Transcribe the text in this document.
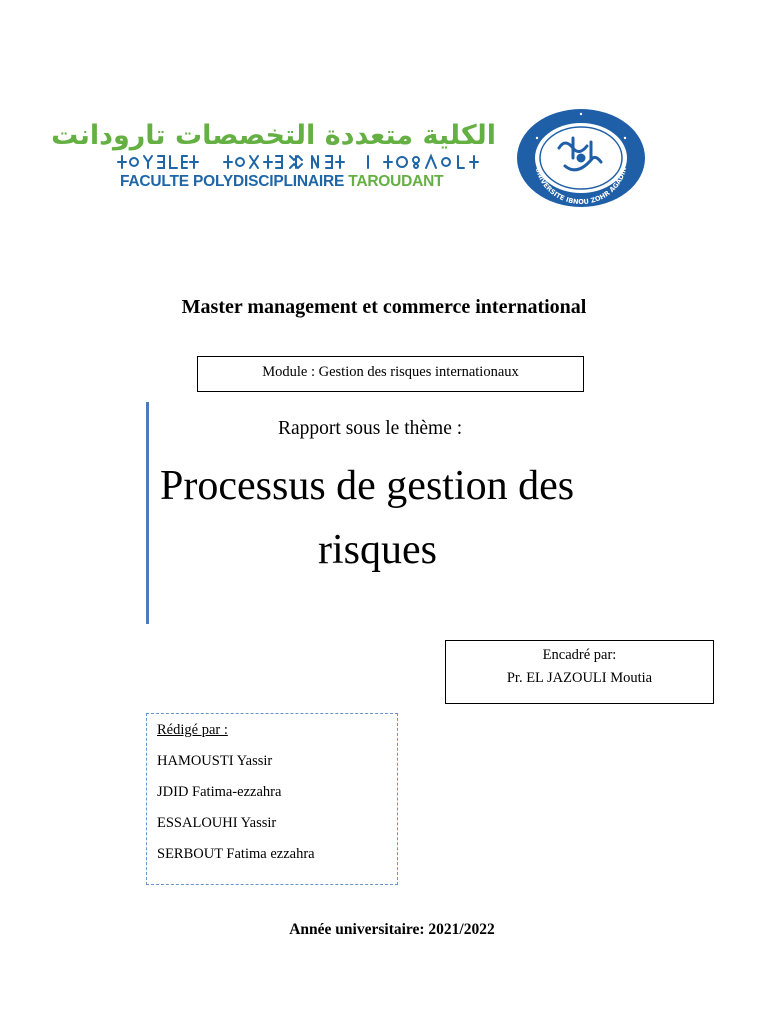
الكلية متعددة التخصصات تارودانت
FACULTE POLYDISCIPLINAIRE TAROUDANT
UNIVERSITE IBNOU ZOHR AGADIR
Master management et commerce international
Module : Gestion des risques internationaux
Rapport sous le thème :
Processus de gestion des
risques
Encadré par:
Pr. EL JAZOULI Moutia
Rédigé par :
HAMOUSTI Yassir
JDID Fatima-ezzahra
ESSALOUHI Yassir
SERBOUT Fatima ezzahra
Année universitaire: 2021/2022
